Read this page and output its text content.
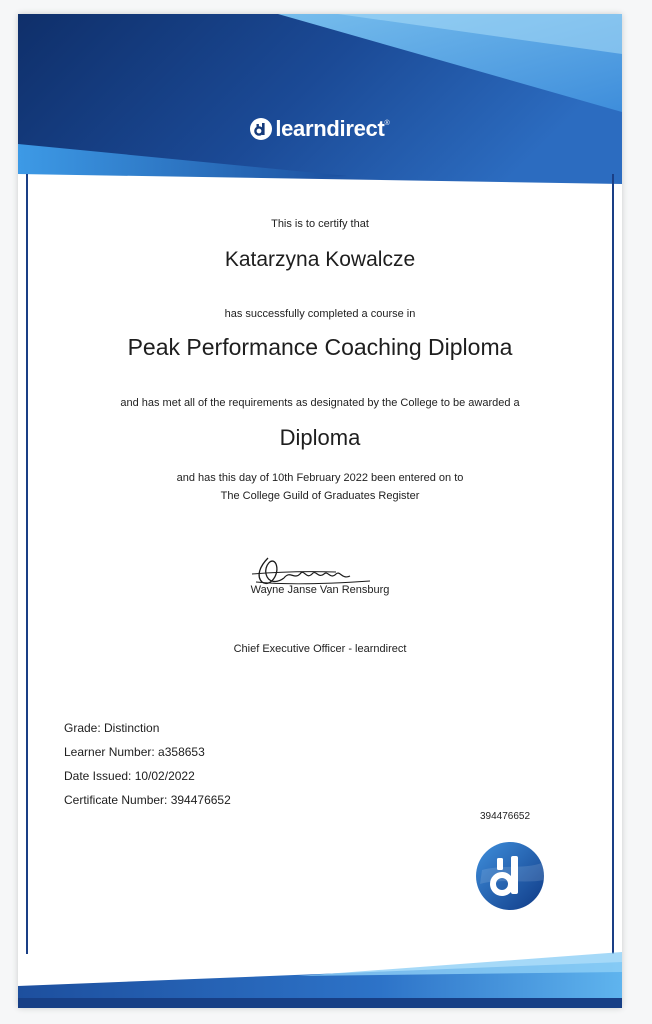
learndirect ®
This is to certify that
Katarzyna Kowalcze
has successfully completed a course in
Peak Performance Coaching Diploma
and has met all of the requirements as designated by the College to be awarded a
Diploma
and has this day of 10th February 2022 been entered on to
The College Guild of Graduates Register
Wayne Janse Van Rensburg
Chief Executive Officer - learndirect
Grade: Distinction
Learner Number: a358653
Date Issued: 10/02/2022
Certificate Number: 394476652
394476652
